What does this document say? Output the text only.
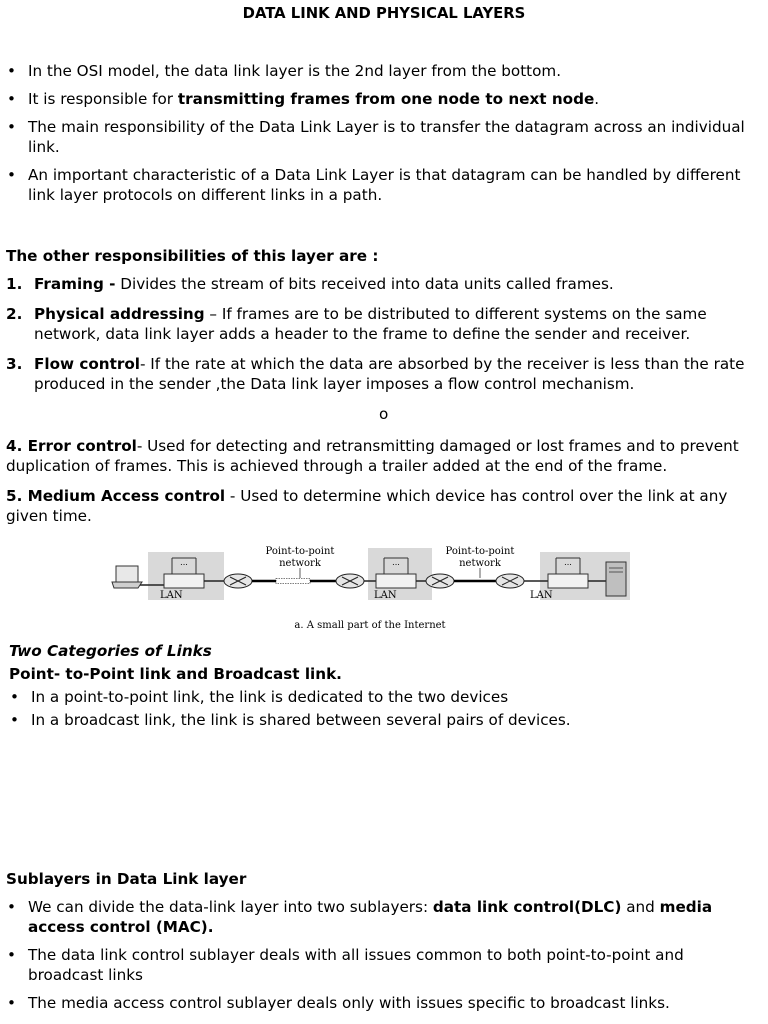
DATA LINK AND PHYSICAL LAYERS
• In the OSI model, the data link layer is the 2nd layer from the bottom.
• It is responsible for transmitting frames from one node to next node.
• The main responsibility of the Data Link Layer is to transfer the datagram across an individual link.
• An important characteristic of a Data Link Layer is that datagram can be handled by different link layer protocols on different links in a path.

The other responsibilities of this layer are :

1. Framing - Divides the stream of bits received into data units called frames.
2. Physical addressing – If frames are to be distributed to different systems on the same network, data link layer adds a header to the frame to define the sender and receiver.
3. Flow control- If the rate at which the data are absorbed by the receiver is less than the rate produced in the sender ,the Data link layer imposes a flow control mechanism.
o

4. Error control- Used for detecting and retransmitting damaged or lost frames and to prevent duplication of frames. This is achieved through a trailer added at the end of the frame.

5. Medium Access control - Used to determine which device has control over the link at any given time.

...	...	...
Point-to-point
network
Point-to-point
network
LAN	LAN	LAN
a. A small part of the Internet

Two Categories of Links

Point- to-Point link and Broadcast link.

• In a point-to-point link, the link is dedicated to the two devices
• In a broadcast link, the link is shared between several pairs of devices.

Sublayers in Data Link layer

• We can divide the data-link layer into two sublayers: data link control(DLC) and media access control (MAC).
• The data link control sublayer deals with all issues common to both point-to-point and broadcast links
• The media access control sublayer deals only with issues specific to broadcast links.
